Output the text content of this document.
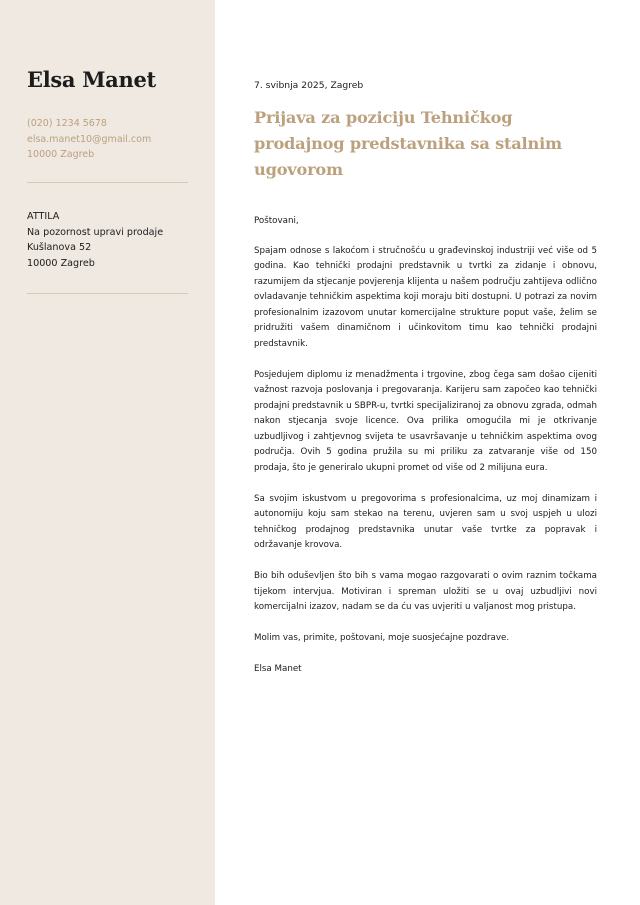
Elsa Manet
(020) 1234 5678
elsa.manet10@gmail.com
10000 Zagreb
ATTILA
Na pozornost upravi prodaje
Kušlanova 52
10000 Zagreb
7. svibnja 2025, Zagreb
Prijava za poziciju Tehničkog prodajnog predstavnika sa stalnim ugovorom

Poštovani,

Spajam odnose s lakoćom i stručnošću u građevinskoj industriji već više od 5 godina. Kao tehnički prodajni predstavnik u tvrtki za zidanje i obnovu, razumijem da stjecanje povjerenja klijenta u našem području zahtijeva odlično ovladavanje tehničkim aspektima koji moraju biti dostupni. U potrazi za novim profesionalnim izazovom unutar komercijalne strukture poput vaše, želim se pridružiti vašem dinamičnom i učinkovitom timu kao tehnički prodajni predstavnik.

Posjedujem diplomu iz menadžmenta i trgovine, zbog čega sam došao cijeniti važnost razvoja poslovanja i pregovaranja. Karijeru sam započeo kao tehnički prodajni predstavnik u SBPR-u, tvrtki specijaliziranoj za obnovu zgrada, odmah nakon stjecanja svoje licence. Ova prilika omogućila mi je otkrivanje uzbudljivog i zahtjevnog svijeta te usavršavanje u tehničkim aspektima ovog područja. Ovih 5 godina pružila su mi priliku za zatvaranje više od 150 prodaja, što je generiralo ukupni promet od više od 2 milijuna eura.

Sa svojim iskustvom u pregovorima s profesionalcima, uz moj dinamizam i autonomiju koju sam stekao na terenu, uvjeren sam u svoj uspjeh u ulozi tehničkog prodajnog predstavnika unutar vaše tvrtke za popravak i održavanje krovova.

Bio bih oduševljen što bih s vama mogao razgovarati o ovim raznim točkama tijekom intervjua. Motiviran i spreman uložiti se u ovaj uzbudljivi novi komercijalni izazov, nadam se da ću vas uvjeriti u valjanost mog pristupa.

Molim vas, primite, poštovani, moje suosjećajne pozdrave.

Elsa Manet
